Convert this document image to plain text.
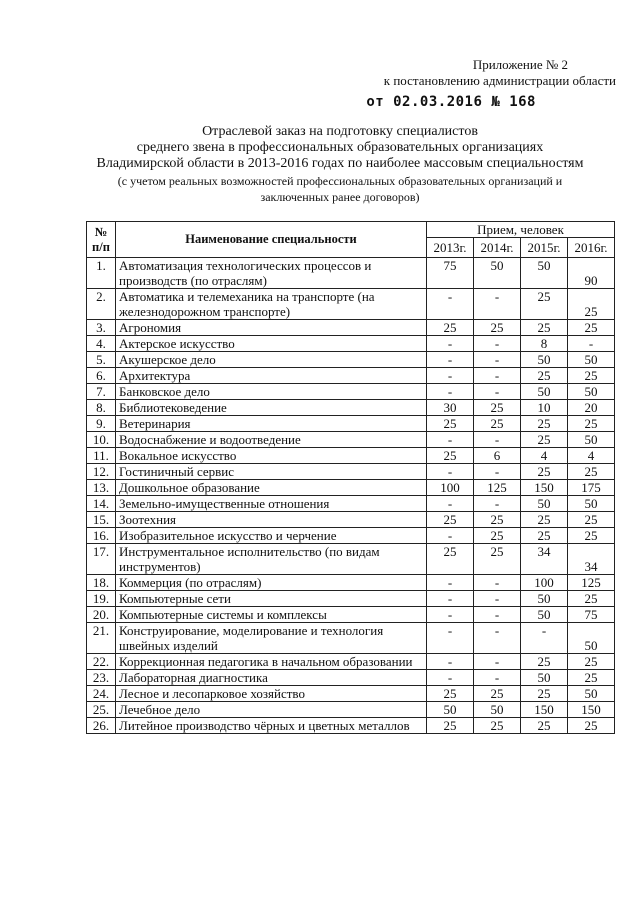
Приложение № 2
к постановлению администрации области
от 02.03.2016 № 168
Отраслевой заказ на подготовку специалистов
среднего звена в профессиональных образовательных организациях
Владимирской области в 2013-2016 годах по наиболее массовым специальностям
(с учетом реальных возможностей профессиональных образовательных организаций и
заключенных ранее договоров)
№ п/п	Наименование специальности	Прием, человек			
		2013г.	2014г.	2015г.	2016г.
1.	Автоматизация технологических процессов и производств (по отраслям)	75	50	50	90
2.	Автоматика и телемеханика на транспорте (на железнодорожном транспорте)	-	-	25	25
3.	Агрономия	25	25	25	25
4.	Актерское искусство	-	-	8	-
5.	Акушерское дело	-	-	50	50
6.	Архитектура	-	-	25	25
7.	Банковское дело	-	-	50	50
8.	Библиотековедение	30	25	10	20
9.	Ветеринария	25	25	25	25
10.	Водоснабжение и водоотведение	-	-	25	50
11.	Вокальное искусство	25	6	4	4
12.	Гостиничный сервис	-	-	25	25
13.	Дошкольное образование	100	125	150	175
14.	Земельно-имущественные отношения	-	-	50	50
15.	Зоотехния	25	25	25	25
16.	Изобразительное искусство и черчение	-	25	25	25
17.	Инструментальное исполнительство (по видам инструментов)	25	25	34	34
18.	Коммерция (по отраслям)	-	-	100	125
19.	Компьютерные сети	-	-	50	25
20.	Компьютерные системы и комплексы	-	-	50	75
21.	Конструирование, моделирование и технология швейных изделий	-	-	-	50
22.	Коррекционная педагогика в начальном образовании	-	-	25	25
23.	Лабораторная диагностика	-	-	50	25
24.	Лесное и лесопарковое хозяйство	25	25	25	50
25.	Лечебное дело	50	50	150	150
26.	Литейное производство чёрных и цветных металлов	25	25	25	25
